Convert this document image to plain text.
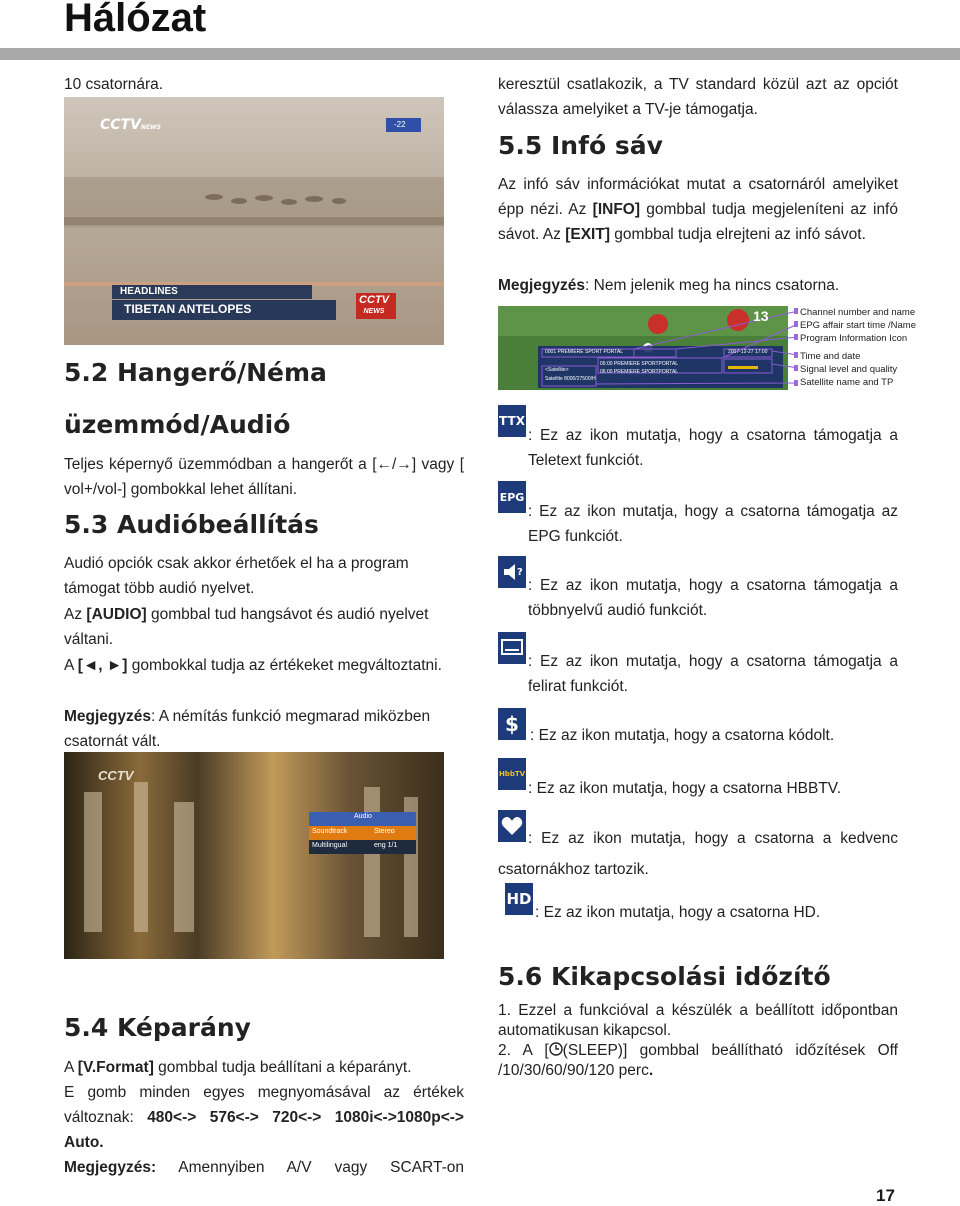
Hálózat
10 csatornára.
CCTVNEWS	-22
HEADLINES
TIBETAN ANTELOPES
CCTV
NEWS
5.2 Hangerő/Néma
üzemmód/Audió
Teljes képernyő üzemmódban a hangerőt a [←/→] vagy [ vol+/vol-] gombokkal lehet állítani.
5.3 Audióbeállítás
Audió opciók csak akkor érhetőek el ha a program támogat több audió nyelvet.
Az [AUDIO] gombbal tud hangsávot és audió nyelvet váltani.
A [◄, ►] gombokkal tudja az értékeket megváltoztatni.
Megjegyzés: A némítás funkció megmarad miközben csatornát vált.
CCTV
Audio
Soundtrack	Stereo
Multilingual	eng 1/1
5.4 Képarány
A [V.Format] gombbal tudja beállítani a képarányt.
E gomb minden egyes megnyomásával az értékek változnak: 480<-> 576<-> 720<-> 1080i<->1080p<-> Auto.
Megjegyzés: Amennyiben A/V vagy SCART-on
keresztül csatlakozik, a TV standard közül azt az opciót válassza amelyiket a TV-je támogatja.
5.5 Infó sáv
Az infó sáv információkat mutat a csatornáról amelyiket épp nézi. Az [INFO] gombbal tudja megjeleníteni az infó sávot. Az [EXIT] gombbal tudja elrejteni az infó sávot.
Megjegyzés: Nem jelenik meg ha nincs csatorna.
13
0001 PREMIERE SPORT PORTAL	2007-12-27 17:00
05:00 PREMIERE SPORTPORTAL
06:00 PREMIERE SPORTPORTAL
<Satellite>
Satellite 8000/27500/H
Channel number and name
EPG affair start time /Name
Program Information Icon
Time and date
Signal level and quality
Satellite name and TP
TTX
: Ez az ikon mutatja, hogy a csatorna támogatja a Teletext funkciót.
EPG
: Ez az ikon mutatja, hogy a csatorna támogatja az EPG funkciót.
?
: Ez az ikon mutatja, hogy a csatorna támogatja a többnyelvű audió funkciót.
: Ez az ikon mutatja, hogy a csatorna támogatja a felirat funkciót.
$ : Ez az ikon mutatja, hogy a csatorna kódolt.
HbbTV
: Ez az ikon mutatja, hogy a csatorna HBBTV.
: Ez az ikon mutatja, hogy a csatorna a kedvenc csatornákhoz tartozik.
HD
: Ez az ikon mutatja, hogy a csatorna HD.
5.6 Kikapcsolási időzítő
1. Ezzel a funkcióval a készülék a beállított időpontban automatikusan kikapcsol.
2. A [ (SLEEP)] gombbal beállítható időzítések Off /10/30/60/90/120 perc.
17
